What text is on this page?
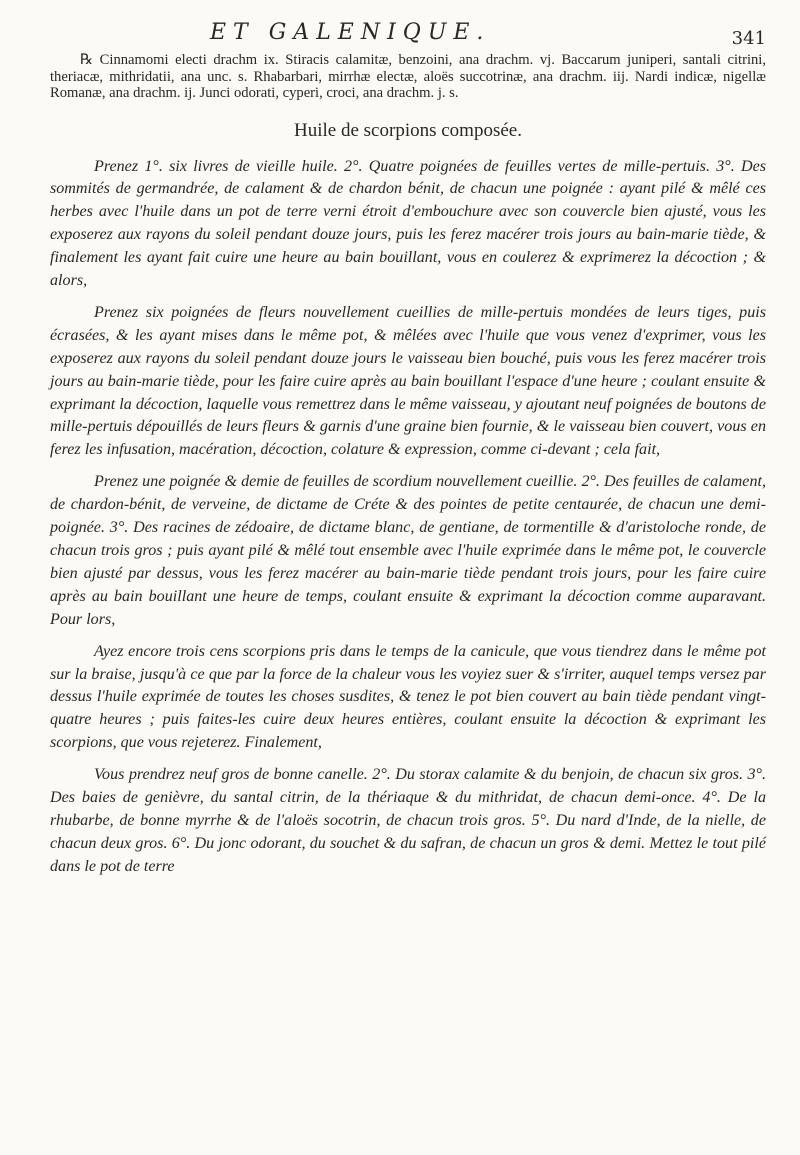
ET GALENIQUE.	341

℞ Cinnamomi electi drachm ix. Stiracis calamitæ, benzoini, ana drachm. vj. Baccarum juniperi, santali citrini, theriacæ, mithridatii, ana unc. s. Rhabarbari, mirrhæ electæ, aloës succotrinæ, ana drachm. iij. Nardi indicæ, nigellæ Romanæ, ana drachm. ij. Junci odorati, cyperi, croci, ana drachm. j. s.

Huile de scorpions composée.

Prenez 1°. six livres de vieille huile. 2°. Quatre poignées de feuilles vertes de mille-pertuis. 3°. Des sommités de germandrée, de calament & de chardon bénit, de chacun une poignée : ayant pilé & mêlé ces herbes avec l'huile dans un pot de terre verni étroit d'embouchure avec son couvercle bien ajusté, vous les exposerez aux rayons du soleil pendant douze jours, puis les ferez macérer trois jours au bain-marie tiède, & finalement les ayant fait cuire une heure au bain bouillant, vous en coulerez & exprimerez la décoction ; & alors,

Prenez six poignées de fleurs nouvellement cueillies de mille-pertuis mondées de leurs tiges, puis écrasées, & les ayant mises dans le même pot, & mêlées avec l'huile que vous venez d'exprimer, vous les exposerez aux rayons du soleil pendant douze jours le vaisseau bien bouché, puis vous les ferez macérer trois jours au bain-marie tiède, pour les faire cuire après au bain bouillant l'espace d'une heure ; coulant ensuite & exprimant la décoction, laquelle vous remettrez dans le même vaisseau, y ajoutant neuf poignées de boutons de mille-pertuis dépouillés de leurs fleurs & garnis d'une graine bien fournie, & le vaisseau bien couvert, vous en ferez les infusation, macération, décoction, colature & expression, comme ci-devant ; cela fait,

Prenez une poignée & demie de feuilles de scordium nouvellement cueillie. 2°. Des feuilles de calament, de chardon-bénit, de verveine, de dictame de Créte & des pointes de petite centaurée, de chacun une demi-poignée. 3°. Des racines de zédoaire, de dictame blanc, de gentiane, de tormentille & d'aristoloche ronde, de chacun trois gros ; puis ayant pilé & mêlé tout ensemble avec l'huile exprimée dans le même pot, le couvercle bien ajusté par dessus, vous les ferez macérer au bain-marie tiède pendant trois jours, pour les faire cuire après au bain bouillant une heure de temps, coulant ensuite & exprimant la décoction comme auparavant. Pour lors,

Ayez encore trois cens scorpions pris dans le temps de la canicule, que vous tiendrez dans le même pot sur la braise, jusqu'à ce que par la force de la chaleur vous les voyiez suer & s'irriter, auquel temps versez par dessus l'huile exprimée de toutes les choses susdites, & tenez le pot bien couvert au bain tiède pendant vingt-quatre heures ; puis faites-les cuire deux heures entières, coulant ensuite la décoction & exprimant les scorpions, que vous rejeterez. Finalement,

Vous prendrez neuf gros de bonne canelle. 2°. Du storax calamite & du benjoin, de chacun six gros. 3°. Des baies de genièvre, du santal citrin, de la thériaque & du mithridat, de chacun demi-once. 4°. De la rhubarbe, de bonne myrrhe & de l'aloës socotrin, de chacun trois gros. 5°. Du nard d'Inde, de la nielle, de chacun deux gros. 6°. Du jonc odorant, du souchet & du safran, de chacun un gros & demi. Mettez le tout pilé dans le pot de terre
